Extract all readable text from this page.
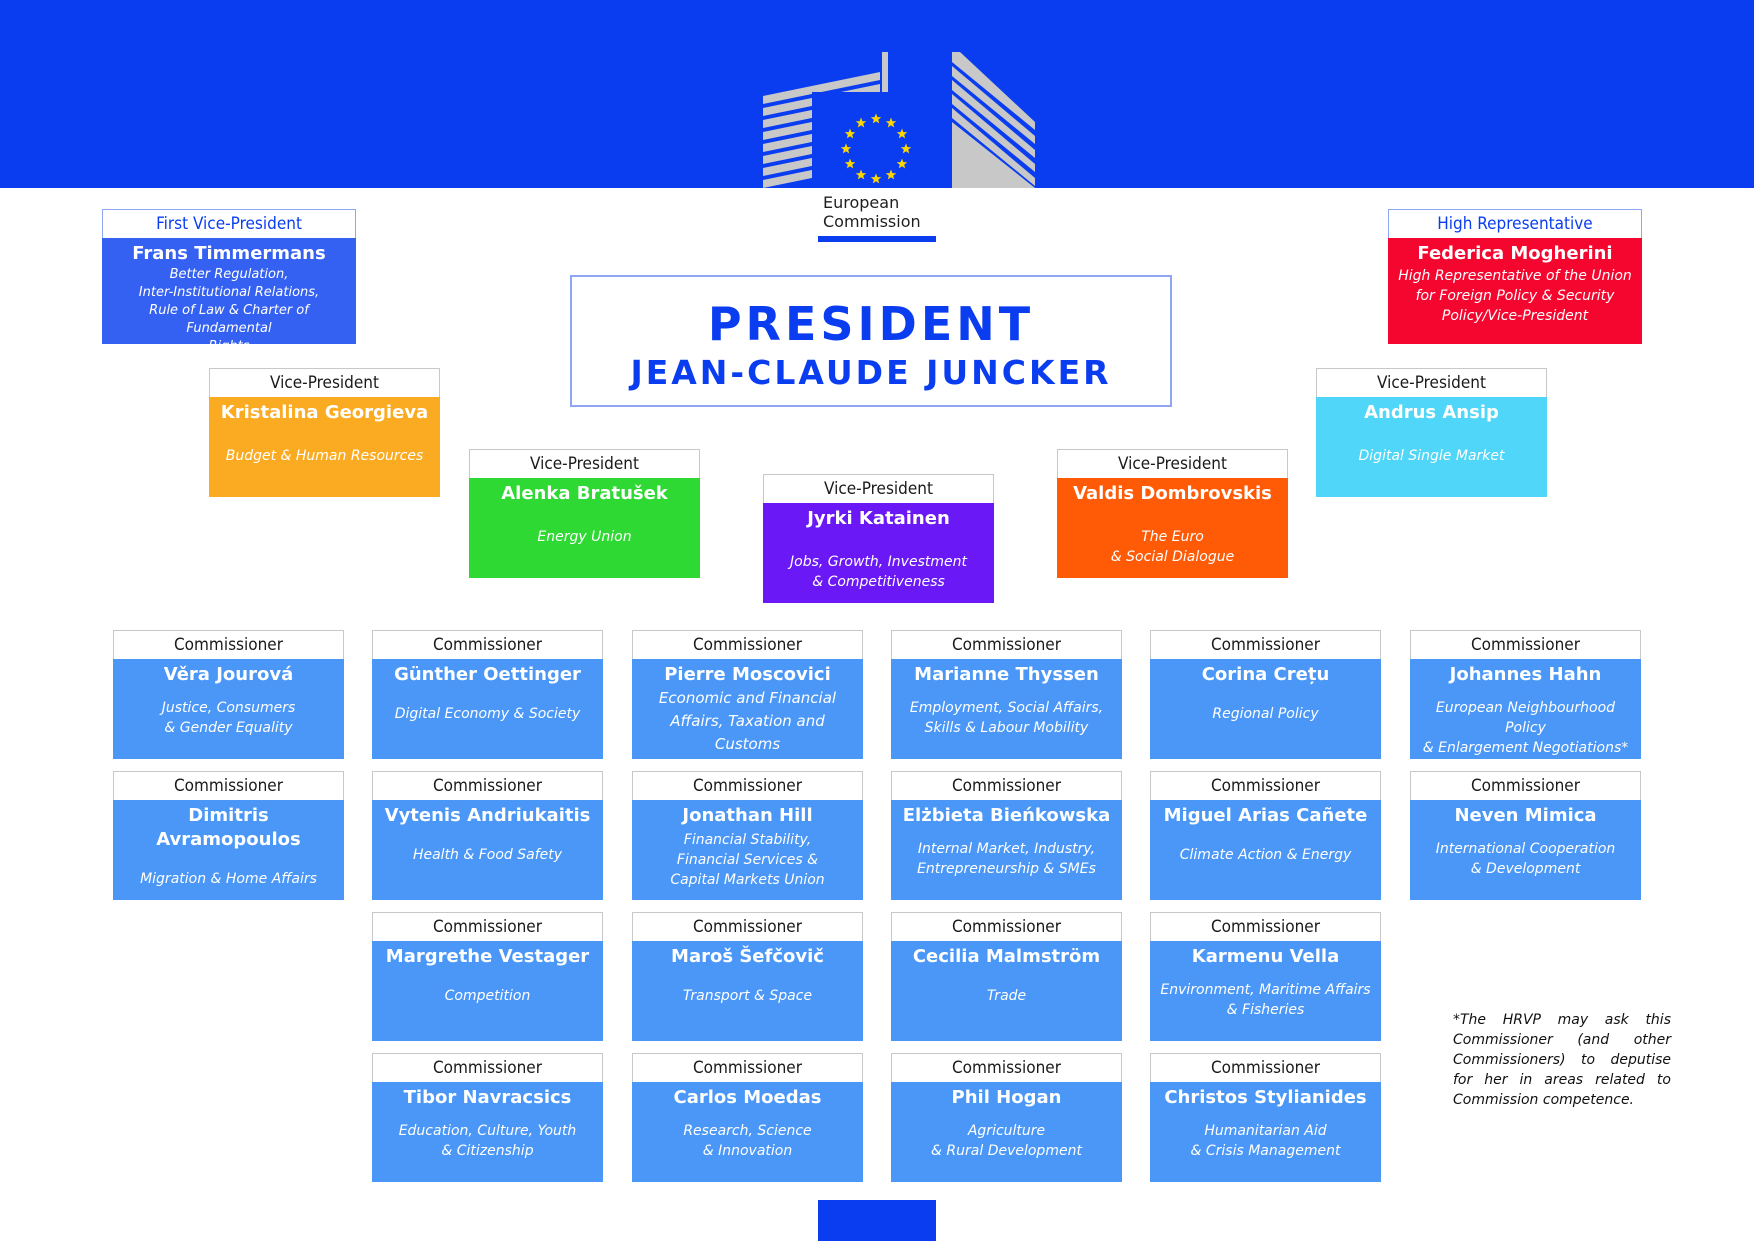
European
Commission
PRESIDENT
JEAN-CLAUDE JUNCKER
First Vice-President
Frans Timmermans
Better Regulation,
Inter-Institutional Relations,
Rule of Law & Charter of Fundamental
Rights
High Representative
Federica Mogherini
High Representative of the Union
for Foreign Policy & Security
Policy/Vice-President
Vice-President
Kristalina Georgieva
Budget & Human Resources	Vice-President
Alenka Bratušek
Energy Union
Vice-President
Jyrki Katainen
Jobs, Growth, Investment
& Competitiveness
Vice-President
Valdis Dombrovskis
The Euro
& Social Dialogue
Vice-President
Andrus Ansip
Digital Single Market
Commissioner
Věra Jourová
Justice, Consumers
& Gender Equality
Commissioner
Günther Oettinger
Digital Economy & Society
Commissioner
Pierre Moscovici
Economic and Financial
Affairs, Taxation and
Customs
Commissioner
Marianne Thyssen
Employment, Social Affairs,
Skills & Labour Mobility
Commissioner
Corina Crețu
Regional Policy
Commissioner
Johannes Hahn
European Neighbourhood Policy
& Enlargement Negotiations*
Commissioner
Dimitris Avramopoulos
Migration & Home Affairs
Commissioner
Vytenis Andriukaitis
Health & Food Safety
Commissioner
Jonathan Hill
Financial Stability,
Financial Services &
Capital Markets Union
Commissioner
Elżbieta Bieńkowska
Internal Market, Industry,
Entrepreneurship & SMEs
Commissioner
Miguel Arias Cañete
Climate Action & Energy
Commissioner
Neven Mimica
International Cooperation
& Development
Commissioner
Margrethe Vestager
Competition
Commissioner
Maroš Šefčovič
Transport & Space
Commissioner
Cecilia Malmström
Trade
Commissioner
Karmenu Vella
Environment, Maritime Affairs
& Fisheries
Commissioner
Tibor Navracsics
Education, Culture, Youth
& Citizenship
Commissioner
Carlos Moedas
Research, Science
& Innovation
Commissioner
Phil Hogan
Agriculture
& Rural Development
Commissioner
Christos Stylianides
Humanitarian Aid
& Crisis Management
*The HRVP may ask this Commissioner (and other Commissioners) to deputise for her in areas related to Commission competence.
